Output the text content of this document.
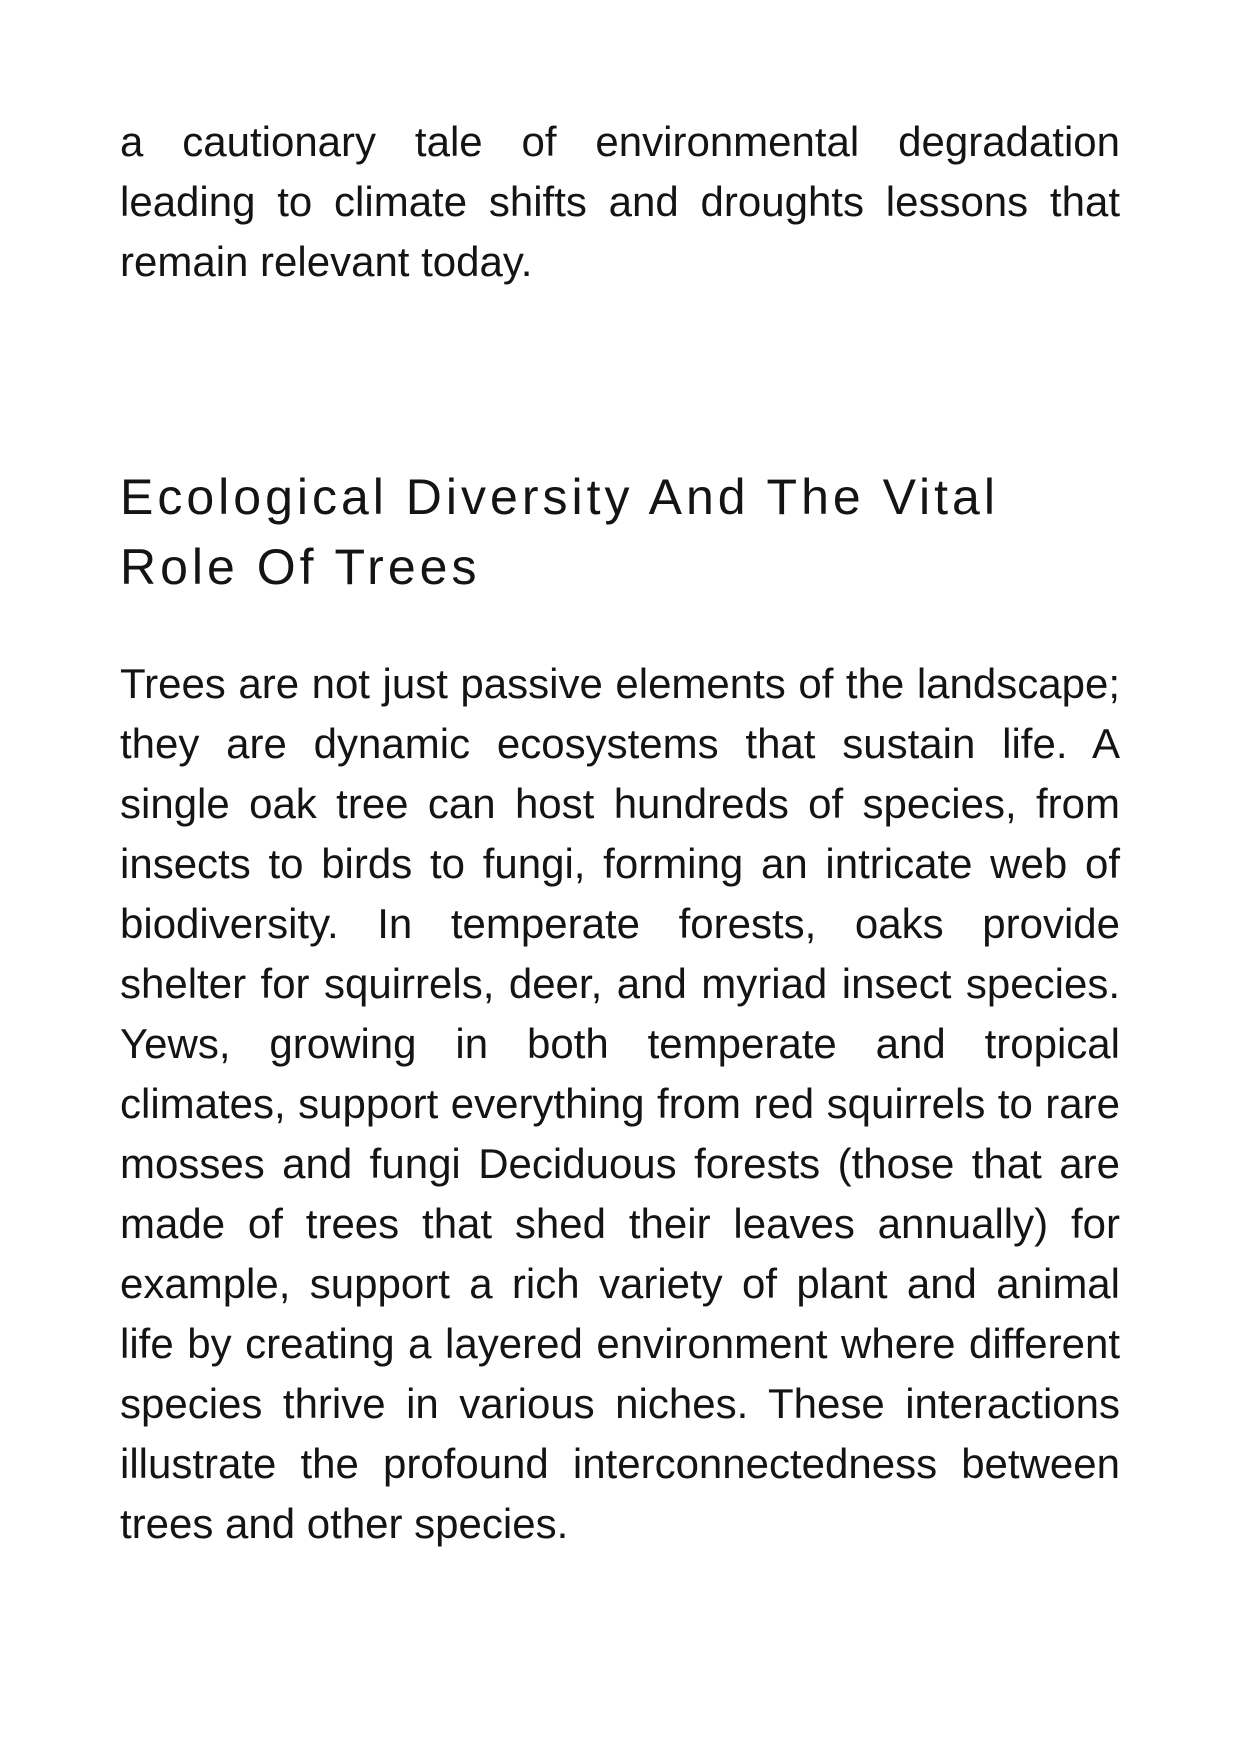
a cautionary tale of environmental degradation leading to climate shifts and droughts lessons that remain relevant today.

Ecological Diversity And The Vital
Role Of Trees

Trees are not just passive elements of the landscape; they are dynamic ecosystems that sustain life. A single oak tree can host hundreds of species, from insects to birds to fungi, forming an intricate web of biodiversity. In temperate forests, oaks provide shelter for squirrels, deer, and myriad insect species. Yews, growing in both temperate and tropical climates, support everything from red squirrels to rare mosses and fungi Deciduous forests (those that are made of trees that shed their leaves annually) for example, support a rich variety of plant and animal life by creating a layered environment where different species thrive in various niches. These interactions illustrate the profound interconnectedness between trees and other species.
